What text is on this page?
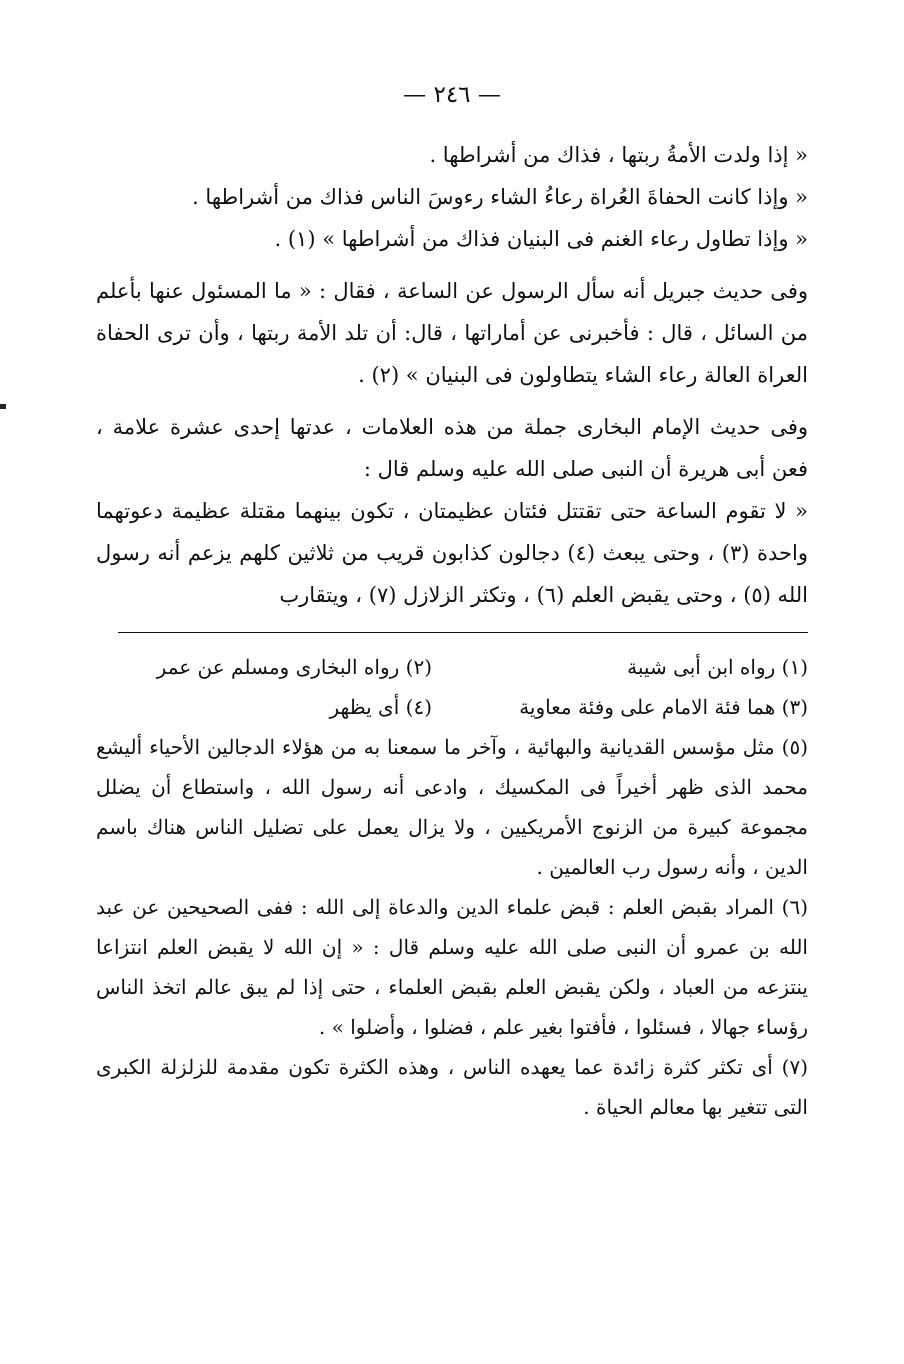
— ٢٤٦ —

« إذا ولدت الأمةُ ربتها ، فذاك من أشراطها .

« وإذا كانت الحفاةَ العُراة رعاءُ الشاء رءوسَ الناس فذاك من أشراطها .

« وإذا تطاول رعاء الغنم فى البنيان فذاك من أشراطها » (١) .

وفى حديث جبريل أنه سأل الرسول عن الساعة ، فقال : « ما المسئول عنها بأعلم من السائل ، قال : فأخبرنى عن أماراتها ، قال: أن تلد الأمة ربتها ، وأن ترى الحفاة العراة العالة رعاء الشاء يتطاولون فى البنيان » (٢) .

وفى حديث الإمام البخارى جملة من هذه العلامات ، عدتها إحدى عشرة علامة ، فعن أبى هريرة أن النبى صلى الله عليه وسلم قال :

« لا تقوم الساعة حتى تقتتل فئتان عظيمتان ، تكون بينهما مقتلة عظيمة دعوتهما واحدة (٣) ، وحتى يبعث (٤) دجالون كذابون قريب من ثلاثين كلهم يزعم أنه رسول الله (٥) ، وحتى يقبض العلم (٦) ، وتكثر الزلازل (٧) ، ويتقارب

(١) رواه ابن أبى شيبة
(٢) رواه البخارى ومسلم عن عمر
(٣) هما فئة الامام على وفئة معاوية
(٤) أى يظهر

(٥) مثل مؤسس القديانية والبهائية ، وآخر ما سمعنا به من هؤلاء الدجالين الأحياء أليشع محمد الذى ظهر أخيراً فى المكسيك ، وادعى أنه رسول الله ، واستطاع أن يضلل مجموعة كبيرة من الزنوج الأمريكيين ، ولا يزال يعمل على تضليل الناس هناك باسم الدين ، وأنه رسول رب العالمين .

(٦) المراد بقبض العلم : قبض علماء الدين والدعاة إلى الله : ففى الصحيحين عن عبد الله بن عمرو أن النبى صلى الله عليه وسلم قال : « إن الله لا يقبض العلم انتزاعا ينتزعه من العباد ، ولكن يقبض العلم بقبض العلماء ، حتى إذا لم يبق عالم اتخذ الناس رؤساء جهالا ، فسئلوا ، فأفتوا بغير علم ، فضلوا ، وأضلوا » .

(٧) أى تكثر كثرة زائدة عما يعهده الناس ، وهذه الكثرة تكون مقدمة للزلزلة الكبرى التى تتغير بها معالم الحياة .
